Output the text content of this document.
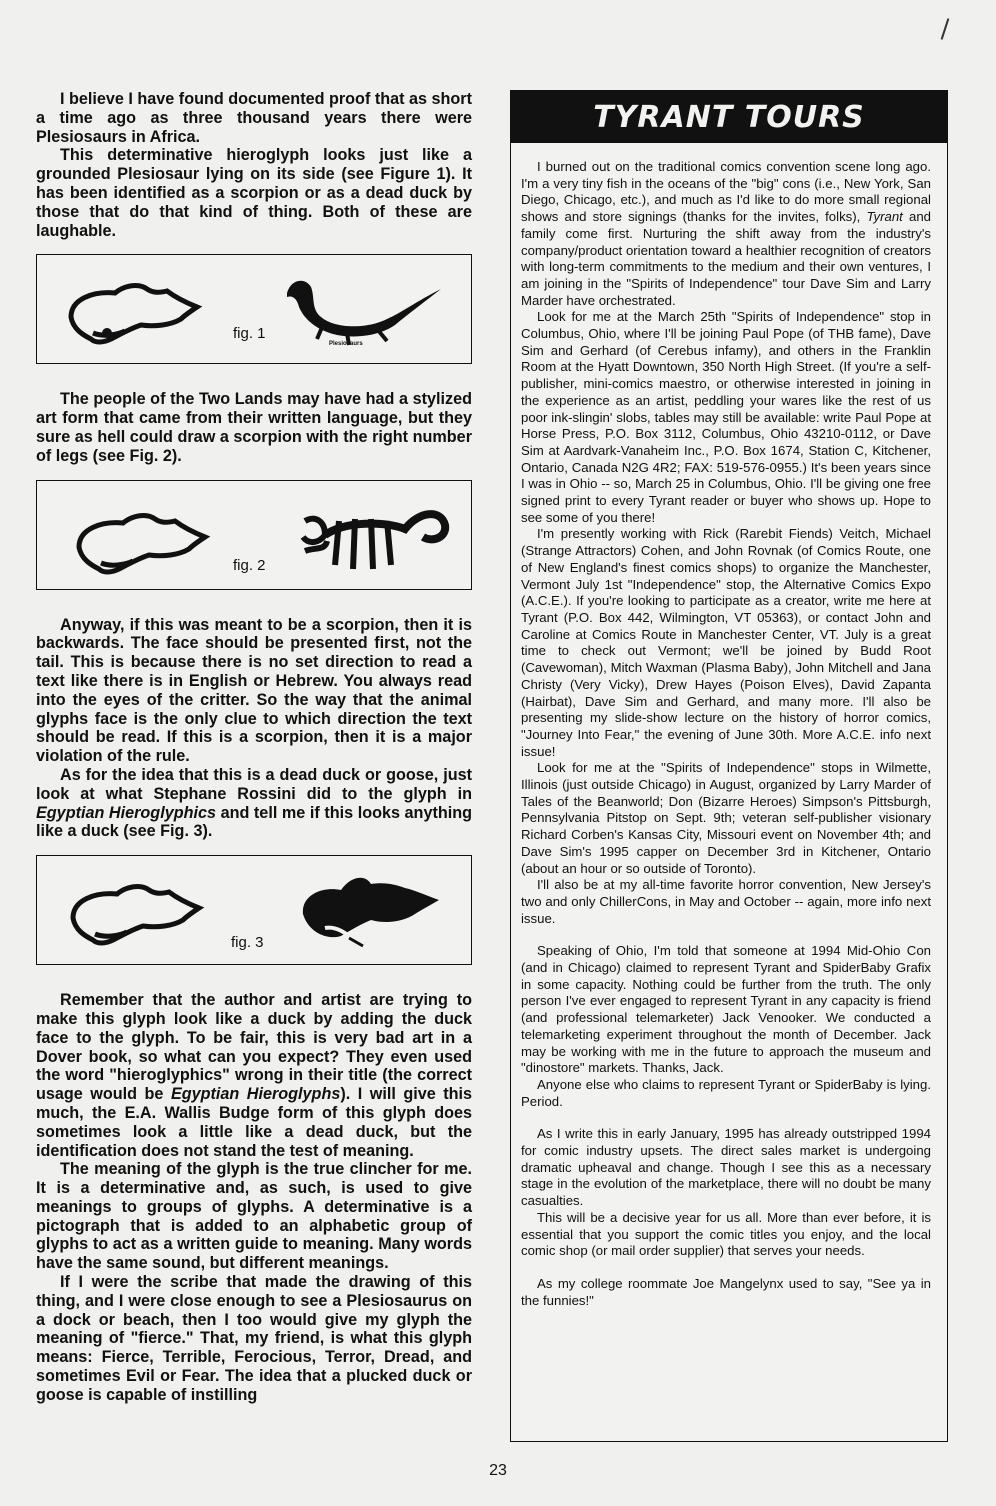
I believe I have found documented proof that as short a time ago as three thousand years there were Plesiosaurs in Africa.

This determinative hieroglyph looks just like a grounded Plesiosaur lying on its side (see Figure 1). It has been identified as a scorpion or as a dead duck by those that do that kind of thing. Both of these are laughable.

fig. 1
Plesiosaurs

The people of the Two Lands may have had a stylized art form that came from their written language, but they sure as hell could draw a scorpion with the right number of legs (see Fig. 2).

fig. 2

Anyway, if this was meant to be a scorpion, then it is backwards. The face should be presented first, not the tail. This is because there is no set direction to read a text like there is in English or Hebrew. You always read into the eyes of the critter. So the way that the animal glyphs face is the only clue to which direction the text should be read. If this is a scorpion, then it is a major violation of the rule.

As for the idea that this is a dead duck or goose, just look at what Stephane Rossini did to the glyph in Egyptian Hieroglyphics and tell me if this looks anything like a duck (see Fig. 3).

fig. 3

Remember that the author and artist are trying to make this glyph look like a duck by adding the duck face to the glyph. To be fair, this is very bad art in a Dover book, so what can you expect? They even used the word "hieroglyphics" wrong in their title (the correct usage would be Egyptian Hieroglyphs). I will give this much, the E.A. Wallis Budge form of this glyph does sometimes look a little like a dead duck, but the identification does not stand the test of meaning.

The meaning of the glyph is the true clincher for me. It is a determinative and, as such, is used to give meanings to groups of glyphs. A determinative is a pictograph that is added to an alphabetic group of glyphs to act as a written guide to meaning. Many words have the same sound, but different meanings.

If I were the scribe that made the drawing of this thing, and I were close enough to see a Plesiosaurus on a dock or beach, then I too would give my glyph the meaning of "fierce." That, my friend, is what this glyph means: Fierce, Terrible, Ferocious, Terror, Dread, and sometimes Evil or Fear. The idea that a plucked duck or goose is capable of instilling

TYRANT TOURS

I burned out on the traditional comics convention scene long ago. I'm a very tiny fish in the oceans of the "big" cons (i.e., New York, San Diego, Chicago, etc.), and much as I'd like to do more small regional shows and store signings (thanks for the invites, folks), Tyrant and family come first. Nurturing the shift away from the industry's company/product orientation toward a healthier recognition of creators with long-term commitments to the medium and their own ventures, I am joining in the "Spirits of Independence" tour Dave Sim and Larry Marder have orchestrated.

Look for me at the March 25th "Spirits of Independence" stop in Columbus, Ohio, where I'll be joining Paul Pope (of THB fame), Dave Sim and Gerhard (of Cerebus infamy), and others in the Franklin Room at the Hyatt Downtown, 350 North High Street. (If you're a self-publisher, mini-comics maestro, or otherwise interested in joining in the experience as an artist, peddling your wares like the rest of us poor ink-slingin' slobs, tables may still be available: write Paul Pope at Horse Press, P.O. Box 3112, Columbus, Ohio 43210-0112, or Dave Sim at Aardvark-Vanaheim Inc., P.O. Box 1674, Station C, Kitchener, Ontario, Canada N2G 4R2; FAX: 519-576-0955.) It's been years since I was in Ohio -- so, March 25 in Columbus, Ohio. I'll be giving one free signed print to every Tyrant reader or buyer who shows up. Hope to see some of you there!

I'm presently working with Rick (Rarebit Fiends) Veitch, Michael (Strange Attractors) Cohen, and John Rovnak (of Comics Route, one of New England's finest comics shops) to organize the Manchester, Vermont July 1st "Independence" stop, the Alternative Comics Expo (A.C.E.). If you're looking to participate as a creator, write me here at Tyrant (P.O. Box 442, Wilmington, VT 05363), or contact John and Caroline at Comics Route in Manchester Center, VT. July is a great time to check out Vermont; we'll be joined by Budd Root (Cavewoman), Mitch Waxman (Plasma Baby), John Mitchell and Jana Christy (Very Vicky), Drew Hayes (Poison Elves), David Zapanta (Hairbat), Dave Sim and Gerhard, and many more. I'll also be presenting my slide-show lecture on the history of horror comics, "Journey Into Fear," the evening of June 30th. More A.C.E. info next issue!

Look for me at the "Spirits of Independence" stops in Wilmette, Illinois (just outside Chicago) in August, organized by Larry Marder of Tales of the Beanworld; Don (Bizarre Heroes) Simpson's Pittsburgh, Pennsylvania Pitstop on Sept. 9th; veteran self-publisher visionary Richard Corben's Kansas City, Missouri event on November 4th; and Dave Sim's 1995 capper on December 3rd in Kitchener, Ontario (about an hour or so outside of Toronto).

I'll also be at my all-time favorite horror convention, New Jersey's two and only ChillerCons, in May and October -- again, more info next issue.

Speaking of Ohio, I'm told that someone at 1994 Mid-Ohio Con (and in Chicago) claimed to represent Tyrant and SpiderBaby Grafix in some capacity. Nothing could be further from the truth. The only person I've ever engaged to represent Tyrant in any capacity is friend (and professional telemarketer) Jack Venooker. We conducted a telemarketing experiment throughout the month of December. Jack may be working with me in the future to approach the museum and "dinostore" markets. Thanks, Jack.

Anyone else who claims to represent Tyrant or SpiderBaby is lying. Period.

As I write this in early January, 1995 has already outstripped 1994 for comic industry upsets. The direct sales market is undergoing dramatic upheaval and change. Though I see this as a necessary stage in the evolution of the marketplace, there will no doubt be many casualties.

This will be a decisive year for us all. More than ever before, it is essential that you support the comic titles you enjoy, and the local comic shop (or mail order supplier) that serves your needs.

As my college roommate Joe Mangelynx used to say, "See ya in the funnies!"

23
